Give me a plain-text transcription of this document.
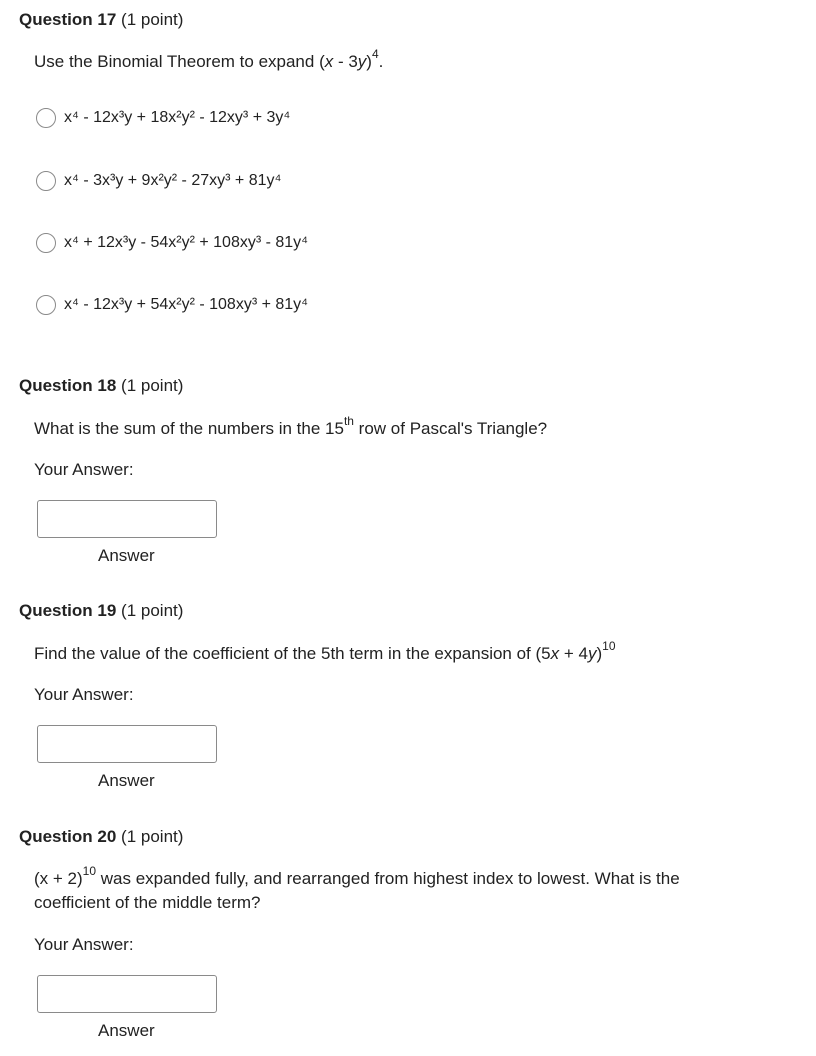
Question 17 (1 point)
Use the Binomial Theorem to expand (x - 3y)$^4$.
x⁴ - 12x³y + 18x²y² - 12xy³ + 3y⁴
x⁴ - 3x³y + 9x²y² - 27xy³ + 81y⁴
x⁴ + 12x³y - 54x²y² + 108xy³ - 81y⁴
x⁴ - 12x³y + 54x²y² - 108xy³ + 81y⁴
Question 18 (1 point)
What is the sum of the numbers in the 15th row of Pascal's Triangle?
Your Answer:
Answer
Question 19 (1 point)
Find the value of the coefficient of the 5th term in the expansion of $(5x + 4y)^{10}$
Your Answer:
Answer
Question 20 (1 point)
$(x + 2)^{10}$ was expanded fully, and rearranged from highest index to lowest. What is the coefficient of the middle term?
Your Answer:
Answer
